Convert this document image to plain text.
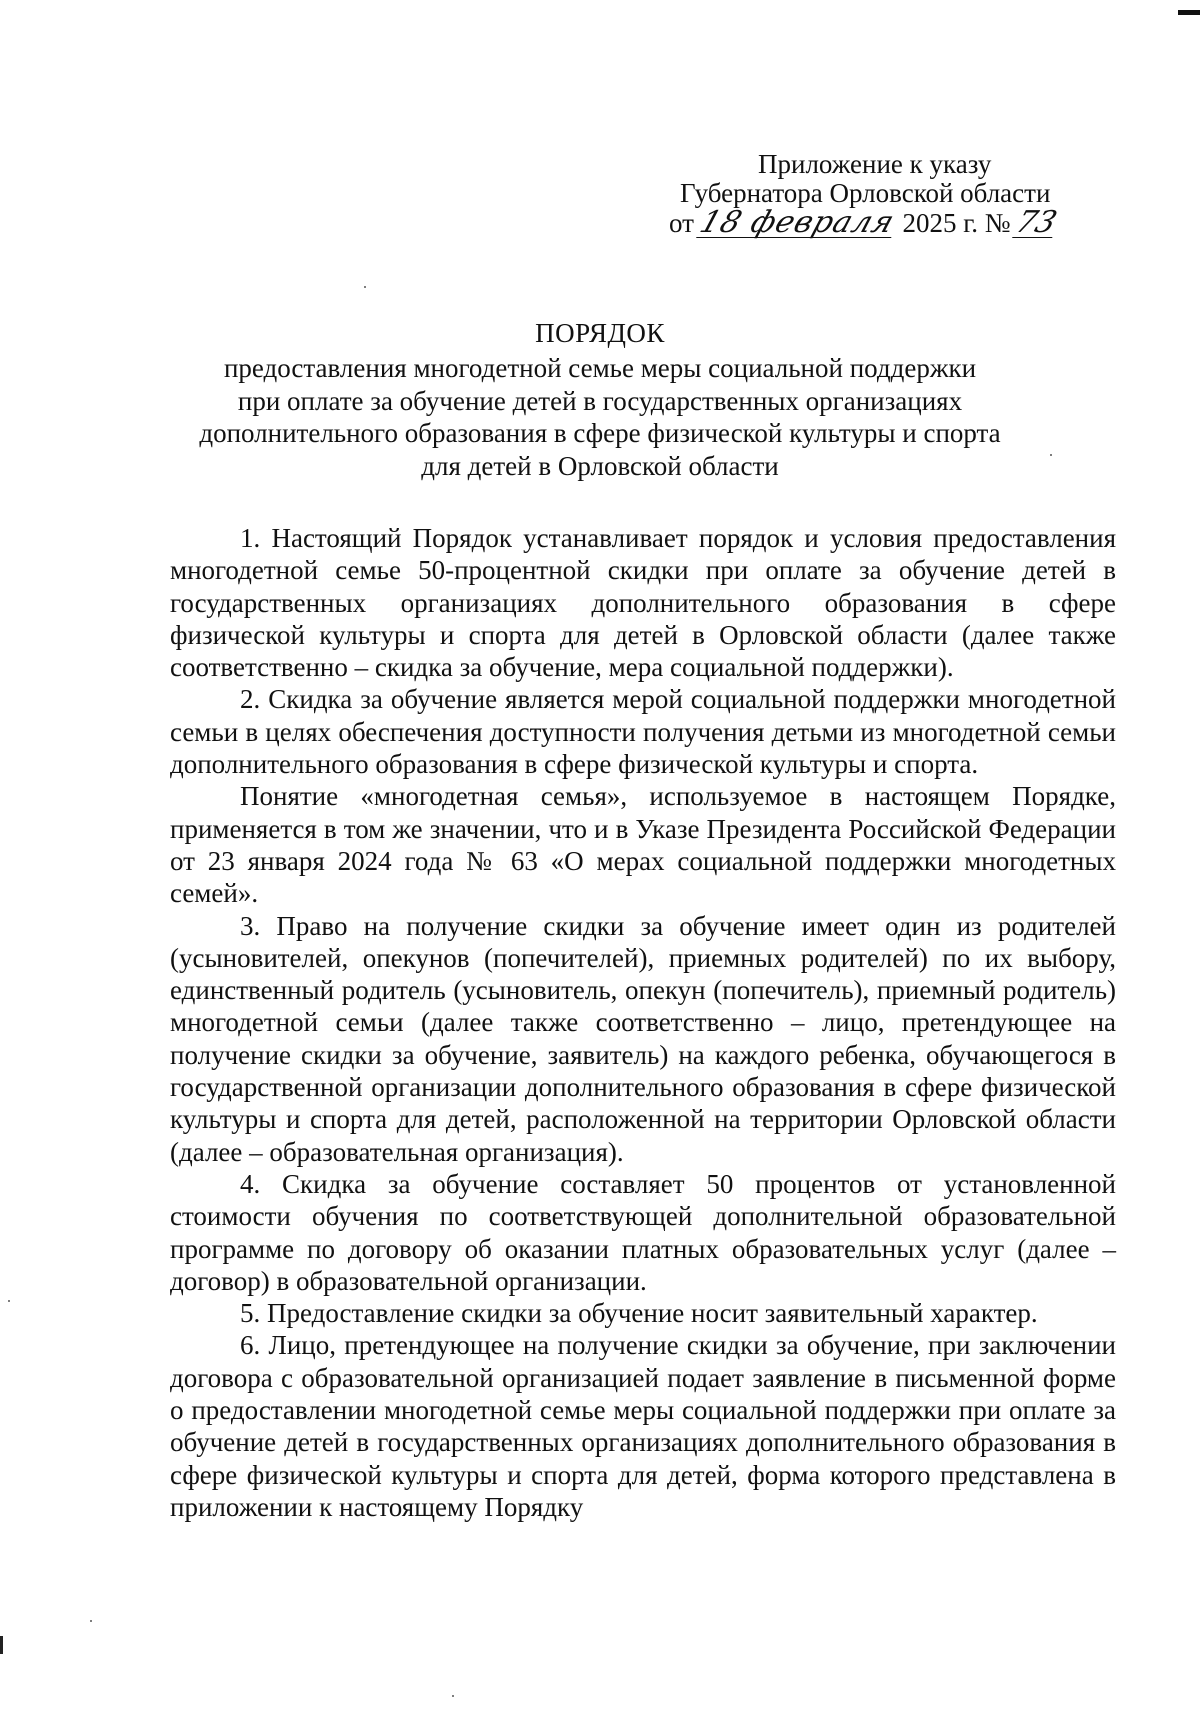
Приложение к указу
Губернатора Орловской области
от 18 февраля 2025 г. № 73
ПОРЯДОК

предоставления многодетной семье меры социальной поддержки
при оплате за обучение детей в государственных организациях
дополнительного образования в сфере физической культуры и спорта
для детей в Орловской области

1. Настоящий Порядок устанавливает порядок и условия предоставления многодетной семье 50-процентной скидки при оплате за обучение детей в государственных организациях дополнительного образования в сфере физической культуры и спорта для детей в Орловской области (далее также соответственно – скидка за обучение, мера социальной поддержки).

2. Скидка за обучение является мерой социальной поддержки многодетной семьи в целях обеспечения доступности получения детьми из многодетной семьи дополнительного образования в сфере физической культуры и спорта.

Понятие «многодетная семья», используемое в настоящем Порядке, применяется в том же значении, что и в Указе Президента Российской Федерации от 23 января 2024 года № 63 «О мерах социальной поддержки многодетных семей».

3. Право на получение скидки за обучение имеет один из родителей (усыновителей, опекунов (попечителей), приемных родителей) по их выбору, единственный родитель (усыновитель, опекун (попечитель), приемный родитель) многодетной семьи (далее также соответственно – лицо, претендующее на получение скидки за обучение, заявитель) на каждого ребенка, обучающегося в государственной организации дополнительного образования в сфере физической культуры и спорта для детей, расположенной на территории Орловской области (далее – образовательная организация).

4. Скидка за обучение составляет 50 процентов от установленной стоимости обучения по соответствующей дополнительной образовательной программе по договору об оказании платных образовательных услуг (далее – договор) в образовательной организации.

5. Предоставление скидки за обучение носит заявительный характер.

6. Лицо, претендующее на получение скидки за обучение, при заключении договора с образовательной организацией подает заявление в письменной форме о предоставлении многодетной семье меры социальной поддержки при оплате за обучение детей в государственных организациях дополнительного образования в сфере физической культуры и спорта для детей, форма которого представлена в приложении к настоящему Порядку
